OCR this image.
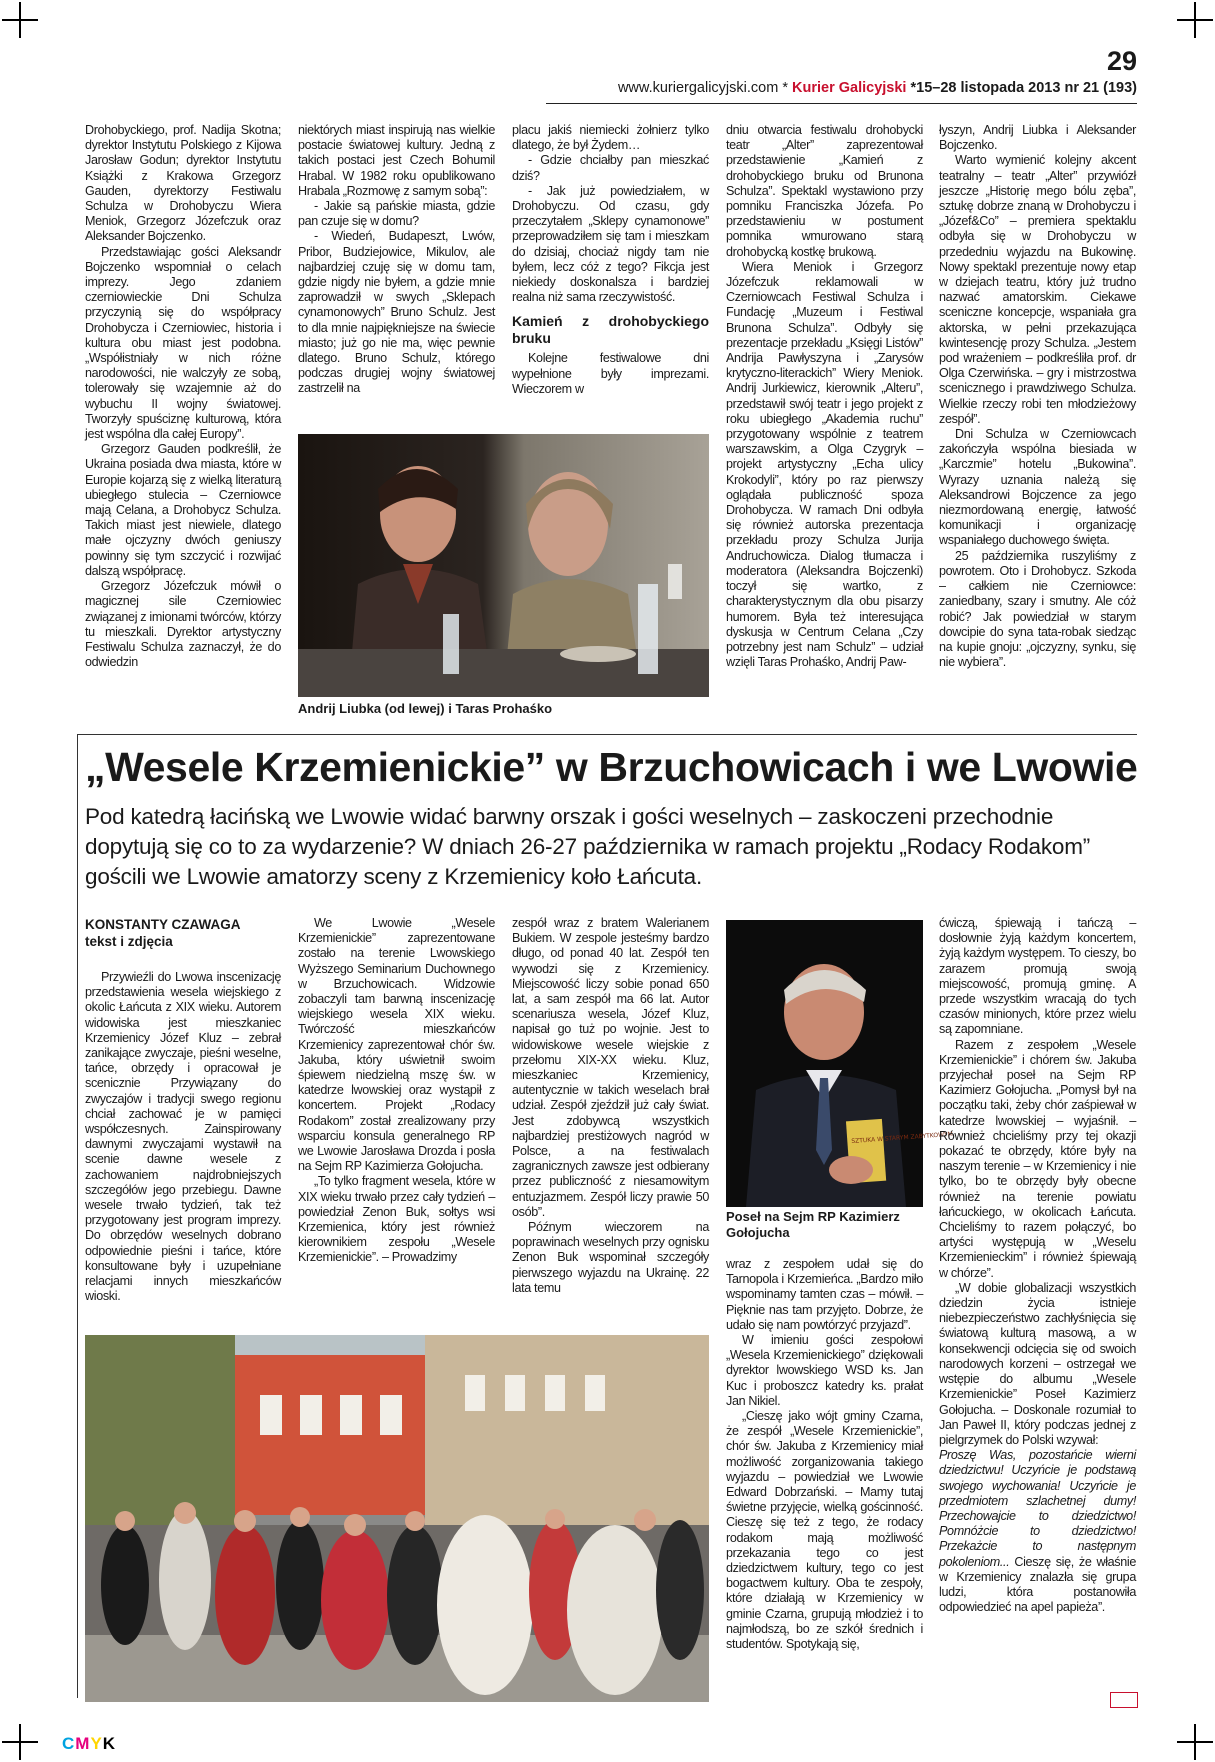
29
www.kuriergalicyjski.com * Kurier Galicyjski *15–28 listopada 2013 nr 21 (193)

Drohobyckiego, prof. Nadija Skotna; dyrektor Instytutu Polskiego z Kijowa Jarosław Godun; dyrektor Instytutu Książki z Krakowa Grzegorz Gauden, dyrektorzy Festiwalu Schulza w Drohobyczu Wiera Meniok, Grzegorz Józefczuk oraz Aleksander Bojczenko.

Przedstawiając gości Aleksandr Bojczenko wspomniał o celach imprezy. Jego zdaniem czerniowieckie Dni Schulza przyczynią się do współpracy Drohobycza i Czerniowiec, historia i kultura obu miast jest podobna. „Współistniały w nich różne narodowości, nie walczyły ze sobą, tolerowały się wzajemnie aż do wybuchu II wojny światowej. Tworzyły spuściznę kulturową, która jest wspólna dla całej Europy”.

Grzegorz Gauden podkreślił, że Ukraina posiada dwa miasta, które w Europie kojarzą się z wielką literaturą ubiegłego stulecia – Czerniowce mają Celana, a Drohobycz Schulza. Takich miast jest niewiele, dlatego małe ojczyzny dwóch geniuszy powinny się tym szczycić i rozwijać dalszą współpracę.

Grzegorz Józefczuk mówił o magicznej sile Czerniowiec związanej z imionami twórców, którzy tu mieszkali. Dyrektor artystyczny Festiwalu Schulza zaznaczył, że do odwiedzin

niektórych miast inspirują nas wielkie postacie światowej kultury. Jedną z takich postaci jest Czech Bohumil Hrabal. W 1982 roku opublikowano Hrabala „Rozmowę z samym sobą”:

- Jakie są pańskie miasta, gdzie pan czuje się w domu?

- Wiedeń, Budapeszt, Lwów, Pribor, Budziejowice, Mikulov, ale najbardziej czuję się w domu tam, gdzie nigdy nie byłem, a gdzie mnie zaprowadził w swych „Sklepach cynamonowych” Bruno Schulz. Jest to dla mnie najpiękniejsze na świecie miasto; już go nie ma, więc pewnie dlatego. Bruno Schulz, którego podczas drugiej wojny światowej zastrzelił na

placu jakiś niemiecki żołnierz tylko dlatego, że był Żydem…

- Gdzie chciałby pan mieszkać dziś?

- Jak już powiedziałem, w Drohobyczu. Od czasu, gdy przeczytałem „Sklepy cynamonowe” przeprowadziłem się tam i mieszkam do dzisiaj, chociaż nigdy tam nie byłem, lecz cóż z tego? Fikcja jest niekiedy doskonalsza i bardziej realna niż sama rzeczywistość.

Kamień z drohobyckiego bruku

Kolejne festiwalowe dni wypełnione były imprezami. Wieczorem w

dniu otwarcia festiwalu drohobycki teatr „Alter” zaprezentował przedstawienie „Kamień z drohobyckiego bruku od Brunona Schulza”. Spektakl wystawiono przy pomniku Franciszka Józefa. Po przedstawieniu w postument pomnika wmurowano starą drohobycką kostkę brukową.

Wiera Meniok i Grzegorz Józefczuk reklamowali w Czerniowcach Festiwal Schulza i Fundację „Muzeum i Festiwal Brunona Schulza”. Odbyły się prezentacje przekładu „Księgi Listów” Andrija Pawłyszyna i „Zarysów krytyczno-literackich” Wiery Meniok. Andrij Jurkiewicz, kierownik „Alteru”, przedstawił swój teatr i jego projekt z roku ubiegłego „Akademia ruchu” przygotowany wspólnie z teatrem warszawskim, a Olga Czygryk – projekt artystyczny „Echa ulicy Krokodyli”, który po raz pierwszy oglądała publiczność spoza Drohobycza. W ramach Dni odbyła się również autorska prezentacja przekładu prozy Schulza Jurija Andruchowicza. Dialog tłumacza i moderatora (Aleksandra Bojczenki) toczył się wartko, z charakterystycznym dla obu pisarzy humorem. Była też interesująca dyskusja w Centrum Celana „Czy potrzebny jest nam Schulz” – udział wzięli Taras Prohaśko, Andrij Paw-

łyszyn, Andrij Liubka i Aleksander Bojczenko.

Warto wymienić kolejny akcent teatralny – teatr „Alter” przywiózł jeszcze „Historię mego bólu zęba”, sztukę dobrze znaną w Drohobyczu i „Józef&Co” – premiera spektaklu odbyła się w Drohobyczu w przededniu wyjazdu na Bukowinę. Nowy spektakl prezentuje nowy etap w dziejach teatru, który już trudno nazwać amatorskim. Ciekawe sceniczne koncepcje, wspaniała gra aktorska, w pełni przekazująca kwintesencję prozy Schulza. „Jestem pod wrażeniem – podkreśliła prof. dr Olga Czerwińska. – gry i mistrzostwa scenicznego i prawdziwego Schulza. Wielkie rzeczy robi ten młodzieżowy zespół”.

Dni Schulza w Czerniowcach zakończyła wspólna biesiada w „Karczmie” hotelu „Bukowina”. Wyrazy uznania należą się Aleksandrowi Bojczence za jego niezmordowaną energię, łatwość komunikacji i organizację wspaniałego duchowego święta.

25 października ruszyliśmy z powrotem. Oto i Drohobycz. Szkoda – całkiem nie Czerniowce: zaniedbany, szary i smutny. Ale cóż robić? Jak powiedział w starym dowcipie do syna tata-robak siedząc na kupie gnoju: „ojczyzny, synku, się nie wybiera”.

Andrij Liubka (od lewej) i Taras Prohaśko
„Wesele Krzemienickie” w Brzuchowicach i we Lwowie
Pod katedrą łacińską we Lwowie widać barwny orszak i gości weselnych – zaskoczeni przechodnie dopytują się co to za wydarzenie? W dniach 26-27 października w ramach projektu „Rodacy Rodakom” gościli we Lwowie amatorzy sceny z Krzemienicy koło Łańcuta.
KONSTANTY CZAWAGA
tekst i zdjęcia

Przywieźli do Lwowa inscenizację przedstawienia wesela wiejskiego z okolic Łańcuta z XIX wieku. Autorem widowiska jest mieszkaniec Krzemienicy Józef Kluz – zebrał zanikające zwyczaje, pieśni weselne, tańce, obrzędy i opracował je scenicznie Przywiązany do zwyczajów i tradycji swego regionu chciał zachować je w pamięci współczesnych. Zainspirowany dawnymi zwyczajami wystawił na scenie dawne wesele z zachowaniem najdrobniejszych szczegółów jego przebiegu. Dawne wesele trwało tydzień, tak też przygotowany jest program imprezy. Do obrzędów weselnych dobrano odpowiednie pieśni i tańce, które konsultowane były i uzupełniane relacjami innych mieszkańców wioski.

We Lwowie „Wesele Krzemienickie” zaprezentowane zostało na terenie Lwowskiego Wyższego Seminarium Duchownego w Brzuchowicach. Widzowie zobaczyli tam barwną inscenizację wiejskiego wesela XIX wieku. Twórczość mieszkańców Krzemienicy zaprezentował chór św. Jakuba, który uświetnił swoim śpiewem niedzielną mszę św. w katedrze lwowskiej oraz wystąpił z koncertem. Projekt „Rodacy Rodakom” został zrealizowany przy wsparciu konsula generalnego RP we Lwowie Jarosława Drozda i posła na Sejm RP Kazimierza Gołojucha.

„To tylko fragment wesela, które w XIX wieku trwało przez cały tydzień – powiedział Zenon Buk, sołtys wsi Krzemienica, który jest również kierownikiem zespołu „Wesele Krzemienickie”. – Prowadzimy

zespół wraz z bratem Walerianem Bukiem. W zespole jesteśmy bardzo długo, od ponad 40 lat. Zespół ten wywodzi się z Krzemienicy. Miejscowość liczy sobie ponad 650 lat, a sam zespół ma 66 lat. Autor scenariusza wesela, Józef Kluz, napisał go tuż po wojnie. Jest to widowiskowe wesele wiejskie z przełomu XIX-XX wieku. Kluz, mieszkaniec Krzemienicy, autentycznie w takich weselach brał udział. Zespół zjeździł już cały świat. Jest zdobywcą wszystkich najbardziej prestiżowych nagród w Polsce, a na festiwalach zagranicznych zawsze jest odbierany przez publiczność z niesamowitym entuzjazmem. Zespół liczy prawie 50 osób”.

Późnym wieczorem na poprawinach weselnych przy ognisku Zenon Buk wspominał szczegóły pierwszego wyjazdu na Ukrainę. 22 lata temu

SZTUKA W STARYM ZABYTKOWYM
Poseł na Sejm RP Kazimierz Gołojucha

wraz z zespołem udał się do Tarnopola i Krzemieńca. „Bardzo miło wspominamy tamten czas – mówił. – Pięknie nas tam przyjęto. Dobrze, że udało się nam powtórzyć przyjazd”.

W imieniu gości zespołowi „Wesela Krzemienickiego” dziękowali dyrektor lwowskiego WSD ks. Jan Kuc i proboszcz katedry ks. prałat Jan Nikiel.

„Cieszę jako wójt gminy Czarna, że zespół „Wesele Krzemienickie”, chór św. Jakuba z Krzemienicy miał możliwość zorganizowania takiego wyjazdu – powiedział we Lwowie Edward Dobrzański. – Mamy tutaj świetne przyjęcie, wielką gościnność. Cieszę się też z tego, że rodacy rodakom mają możliwość przekazania tego co jest dziedzictwem kultury, tego co jest bogactwem kultury. Oba te zespoły, które działają w Krzemienicy w gminie Czarna, grupują młodzież i to najmłodszą, bo ze szkół średnich i studentów. Spotykają się,

ćwiczą, śpiewają i tańczą – dosłownie żyją każdym koncertem, żyją każdym występem. To cieszy, bo zarazem promują swoją miejscowość, promują gminę. A przede wszystkim wracają do tych czasów minionych, które przez wielu są zapomniane.

Razem z zespołem „Wesele Krzemienickie” i chórem św. Jakuba przyjechał poseł na Sejm RP Kazimierz Gołojucha. „Pomysł był na początku taki, żeby chór zaśpiewał w katedrze lwowskiej – wyjaśnił. – Również chcieliśmy przy tej okazji pokazać te obrzędy, które były na naszym terenie – w Krzemienicy i nie tylko, bo te obrzędy były obecne również na terenie powiatu łańcuckiego, w okolicach Łańcuta. Chcieliśmy to razem połączyć, bo artyści występują w „Weselu Krzemienieckim” i również śpiewają w chórze”.

„W dobie globalizacji wszystkich dziedzin życia istnieje niebezpieczeństwo zachłyśnięcia się światową kulturą masową, a w konsekwencji odcięcia się od swoich narodowych korzeni – ostrzegał we wstępie do albumu „Wesele Krzemienickie” Poseł Kazimierz Gołojucha. – Doskonale rozumiał to Jan Paweł II, który podczas jednej z pielgrzymek do Polski wzywał:

Proszę Was, pozostańcie wierni dziedzictwu! Uczyńcie je podstawą swojego wychowania! Uczyńcie je przedmiotem szlachetnej dumy! Przechowajcie to dziedzictwo! Pomnóżcie to dziedzictwo! Przekażcie to następnym pokoleniom... Cieszę się, że właśnie w Krzemienicy znalazła się grupa ludzi, która postanowiła odpowiedzieć na apel papieża”.

CMYK
